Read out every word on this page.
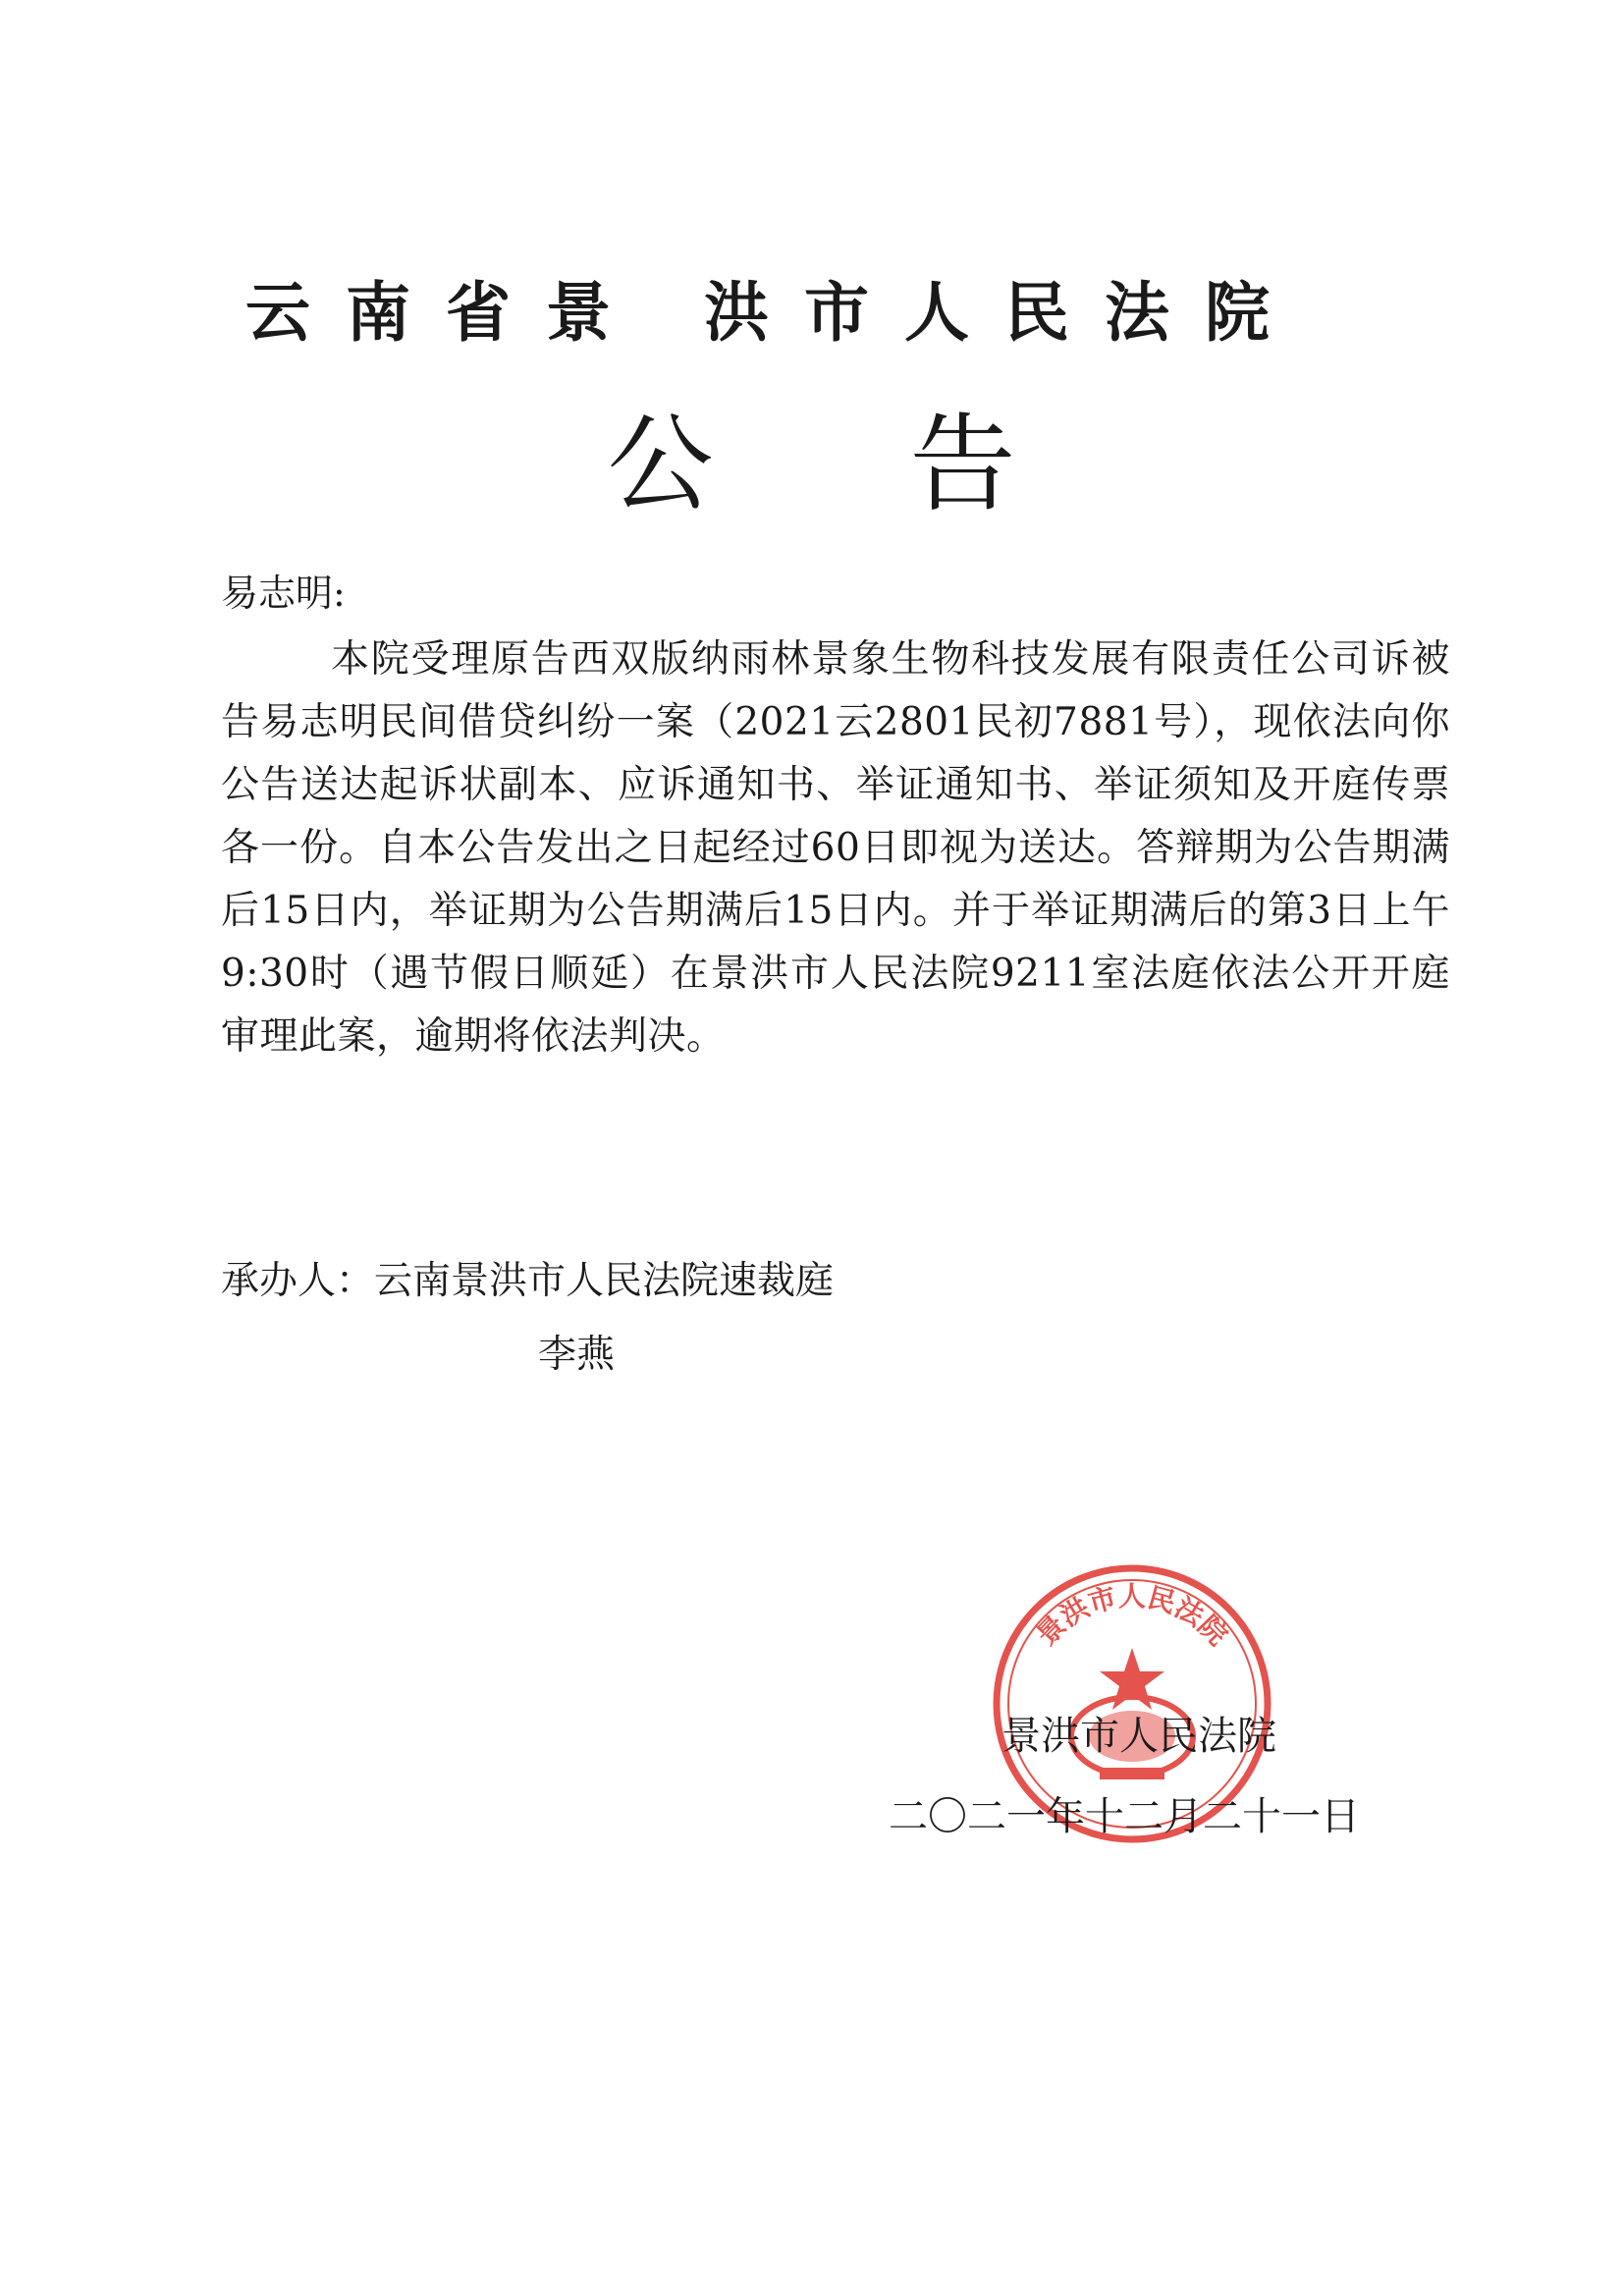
云南省景 洪市人民法院
公告
易志明:
本院受理原告西双版纳雨林景象生物科技发展有限责任公司诉被告易志明民间借贷纠纷一案（2021云2801民初7881号），现依法向你公告送达起诉状副本、应诉通知书、举证通知书、举证须知及开庭传票各一份。自本公告发出之日起经过60日即视为送达。答辩期为公告期满后15日内，举证期为公告期满后15日内。并于举证期满后的第3日上午9:30时（遇节假日顺延）在景洪市人民法院9211室法庭依法公开开庭审理此案，逾期将依法判决。
承办人：云南景洪市人民法院速裁庭
李燕
景洪市人民法院
景洪市人民法院
二〇二一年十二月二十一日
